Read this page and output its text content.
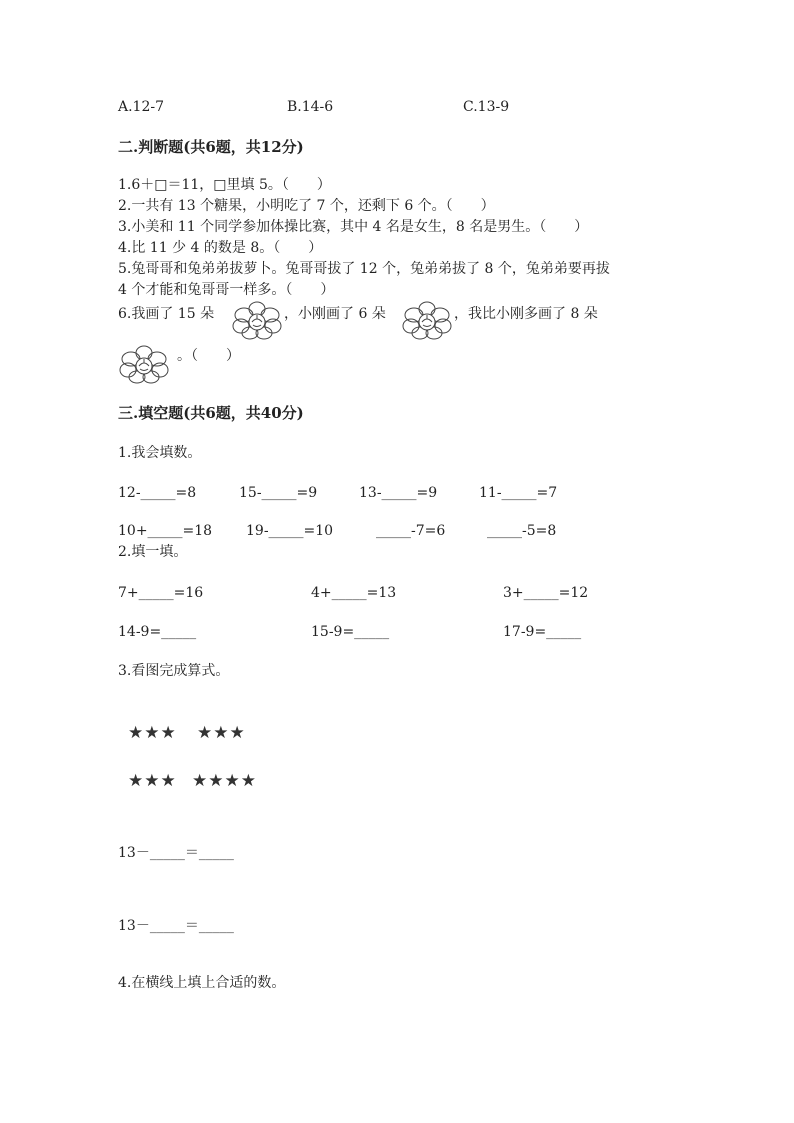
A.12-7	B.14-6	C.13-9
二.判断题(共6题，共12分)
1.6＋□＝11，□里填 5。（　　）
2.一共有 13 个糖果，小明吃了 7 个，还剩下 6 个。（　　）
3.小美和 11 个同学参加体操比赛，其中 4 名是女生，8 名是男生。（　　）
4.比 11 少 4 的数是 8。（　　）
5.兔哥哥和兔弟弟拔萝卜。兔哥哥拔了 12 个，兔弟弟拔了 8 个，兔弟弟要再拔
4 个才能和兔哥哥一样多。（　　）
6.我画了 15 朵	，小刚画了 6 朵	，我比小刚多画了 8 朵
。（　　）
三.填空题(共6题，共40分)
1.我会填数。
12-_____=8	15-_____=9	13-_____=9	11-_____=7
10+_____=18 19-_____=10	_____-7=6	_____-5=8
2.填一填。
7+_____=16	4+_____=13	3+_____=12
14-9=_____	15-9=_____	17-9=_____
3.看图完成算式。
★★★ ★★★
★★★ ★★★★
13－_____＝_____
13－_____＝_____
4.在横线上填上合适的数。
